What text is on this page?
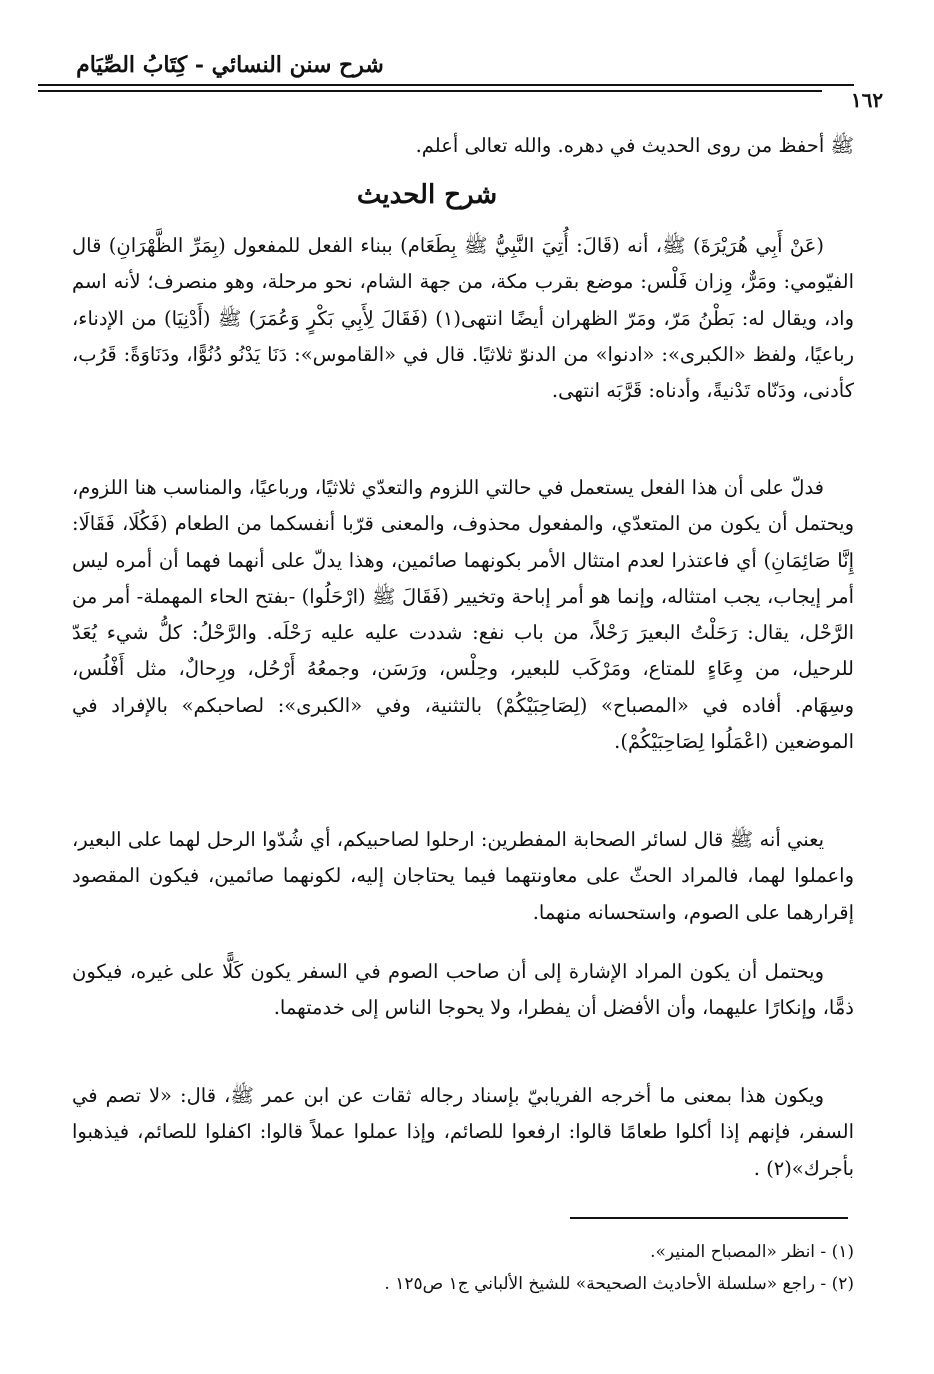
شرح سنن النسائي - كِتَابُ الصِّيَام
١٦٢
ﷺ أحفظ من روى الحديث في دهره. والله تعالى أعلم.
شرح الحديث
(عَنْ أَبِي هُرَيْرَةَ) ﷺ، أنه (قَالَ: أُتِيَ النَّبِيُّ ﷺ بِطَعَام) ببناء الفعل للمفعول (بِمَرِّ الظَّهْرَانِ) قال الفيّومي: ومَرٌّ، وِزان فَلْس: موضع بقرب مكة، من جهة الشام، نحو مرحلة، وهو منصرف؛ لأنه اسم واد، ويقال له: بَطْنُ مَرّ، ومَرّ الظهران أيضًا انتهى(١) (فَقَالَ لِأَبِي بَكْرٍ وَعُمَرَ) ﷺ (أَدْنِيَا) من الإدناء، رباعيًا، ولفظ «الكبرى»: «ادنوا» من الدنوّ ثلاثيًا. قال في «القاموس»: دَنَا يَدْنُو دُنُوًّا، ودَنَاوَةً: قَرُب، كأدنى، ودَنّاه تَدْنيةً، وأدناه: قَرَّبَه انتهى.
فدلّ على أن هذا الفعل يستعمل في حالتي اللزوم والتعدّي ثلاثيًا، ورباعيًا، والمناسب هنا اللزوم، ويحتمل أن يكون من المتعدّي، والمفعول محذوف، والمعنى قرّبا أنفسكما من الطعام (فَكُلَا، فَقَالَا: إِنَّا صَائِمَانِ) أي فاعتذرا لعدم امتثال الأمر بكونهما صائمين، وهذا يدلّ على أنهما فهما أن أمره ليس أمر إيجاب، يجب امتثاله، وإنما هو أمر إباحة وتخيير (فَقَالَ ﷺ (ارْحَلُوا) -بفتح الحاء المهملة- أمر من الرَّحْل، يقال: رَحَلْتُ البعيرَ رَحْلاً، من باب نفع: شددت عليه عليه رَحْلَه. والرَّحْلُ: كلُّ شيء يُعَدّ للرحيل، من وِعَاءٍ للمتاع، ومَرْكَب للبعير، وحِلْس، ورَسَن، وجمعُهُ أَرْحُل، ورِحالٌ، مثل أَفْلُس، وسِهَام. أفاده في «المصباح» (لِصَاحِبَيْكُمْ) بالتثنية، وفي «الكبرى»: لصاحبكم» بالإفراد في الموضعين (اعْمَلُوا لِصَاحِبَيْكُمْ).
يعني أنه ﷺ قال لسائر الصحابة المفطرين: ارحلوا لصاحبيكم، أي شُدّوا الرحل لهما على البعير، واعملوا لهما، فالمراد الحثّ على معاونتهما فيما يحتاجان إليه، لكونهما صائمين، فيكون المقصود إقرارهما على الصوم، واستحسانه منهما.
ويحتمل أن يكون المراد الإشارة إلى أن صاحب الصوم في السفر يكون كَلًّا على غيره، فيكون ذمًّا، وإنكارًا عليهما، وأن الأفضل أن يفطرا، ولا يحوجا الناس إلى خدمتهما.
ويكون هذا بمعنى ما أخرجه الفريابيّ بإسناد رجاله ثقات عن ابن عمر ﷺ، قال: «لا تصم في السفر، فإنهم إذا أكلوا طعامًا قالوا: ارفعوا للصائم، وإذا عملوا عملاً قالوا: اكفلوا للصائم، فيذهبوا بأجرك»(٢) .

(١) - انظر «المصباح المنير».

(٢) - راجع «سلسلة الأحاديث الصحيحة» للشيخ الألباني ج١ ص١٢٥ .
